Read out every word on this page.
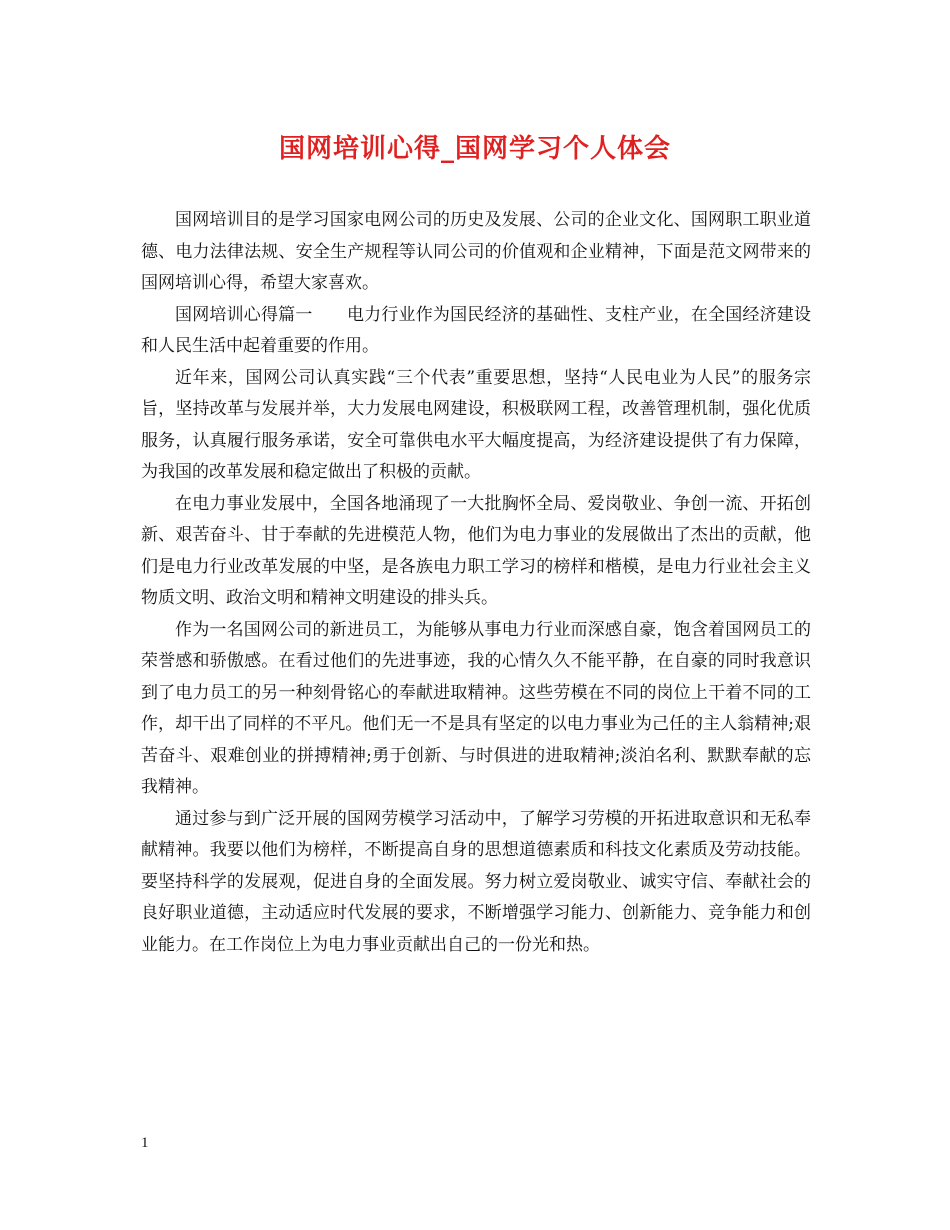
国网培训心得_国网学习个人体会

国网培训目的是学习国家电网公司的历史及发展、公司的企业文化、国网职工职业道德、电力法律法规、安全生产规程等认同公司的价值观和企业精神，下面是范文网带来的国网培训心得，希望大家喜欢。

国网培训心得篇一　　电力行业作为国民经济的基础性、支柱产业，在全国经济建设和人民生活中起着重要的作用。

近年来，国网公司认真实践“三个代表”重要思想，坚持“人民电业为人民”的服务宗旨，坚持改革与发展并举，大力发展电网建设，积极联网工程，改善管理机制，强化优质服务，认真履行服务承诺，安全可靠供电水平大幅度提高，为经济建设提供了有力保障，为我国的改革发展和稳定做出了积极的贡献。

在电力事业发展中，全国各地涌现了一大批胸怀全局、爱岗敬业、争创一流、开拓创新、艰苦奋斗、甘于奉献的先进模范人物，他们为电力事业的发展做出了杰出的贡献，他们是电力行业改革发展的中坚，是各族电力职工学习的榜样和楷模，是电力行业社会主义物质文明、政治文明和精神文明建设的排头兵。

作为一名国网公司的新进员工，为能够从事电力行业而深感自豪，饱含着国网员工的荣誉感和骄傲感。在看过他们的先进事迹，我的心情久久不能平静，在自豪的同时我意识到了电力员工的另一种刻骨铭心的奉献进取精神。这些劳模在不同的岗位上干着不同的工作，却干出了同样的不平凡。他们无一不是具有坚定的以电力事业为己任的主人翁精神;艰苦奋斗、艰难创业的拼搏精神;勇于创新、与时俱进的进取精神;淡泊名利、默默奉献的忘我精神。

通过参与到广泛开展的国网劳模学习活动中，了解学习劳模的开拓进取意识和无私奉献精神。我要以他们为榜样，不断提高自身的思想道德素质和科技文化素质及劳动技能。要坚持科学的发展观，促进自身的全面发展。努力树立爱岗敬业、诚实守信、奉献社会的良好职业道德，主动适应时代发展的要求，不断增强学习能力、创新能力、竞争能力和创业能力。在工作岗位上为电力事业贡献出自己的一份光和热。

1
